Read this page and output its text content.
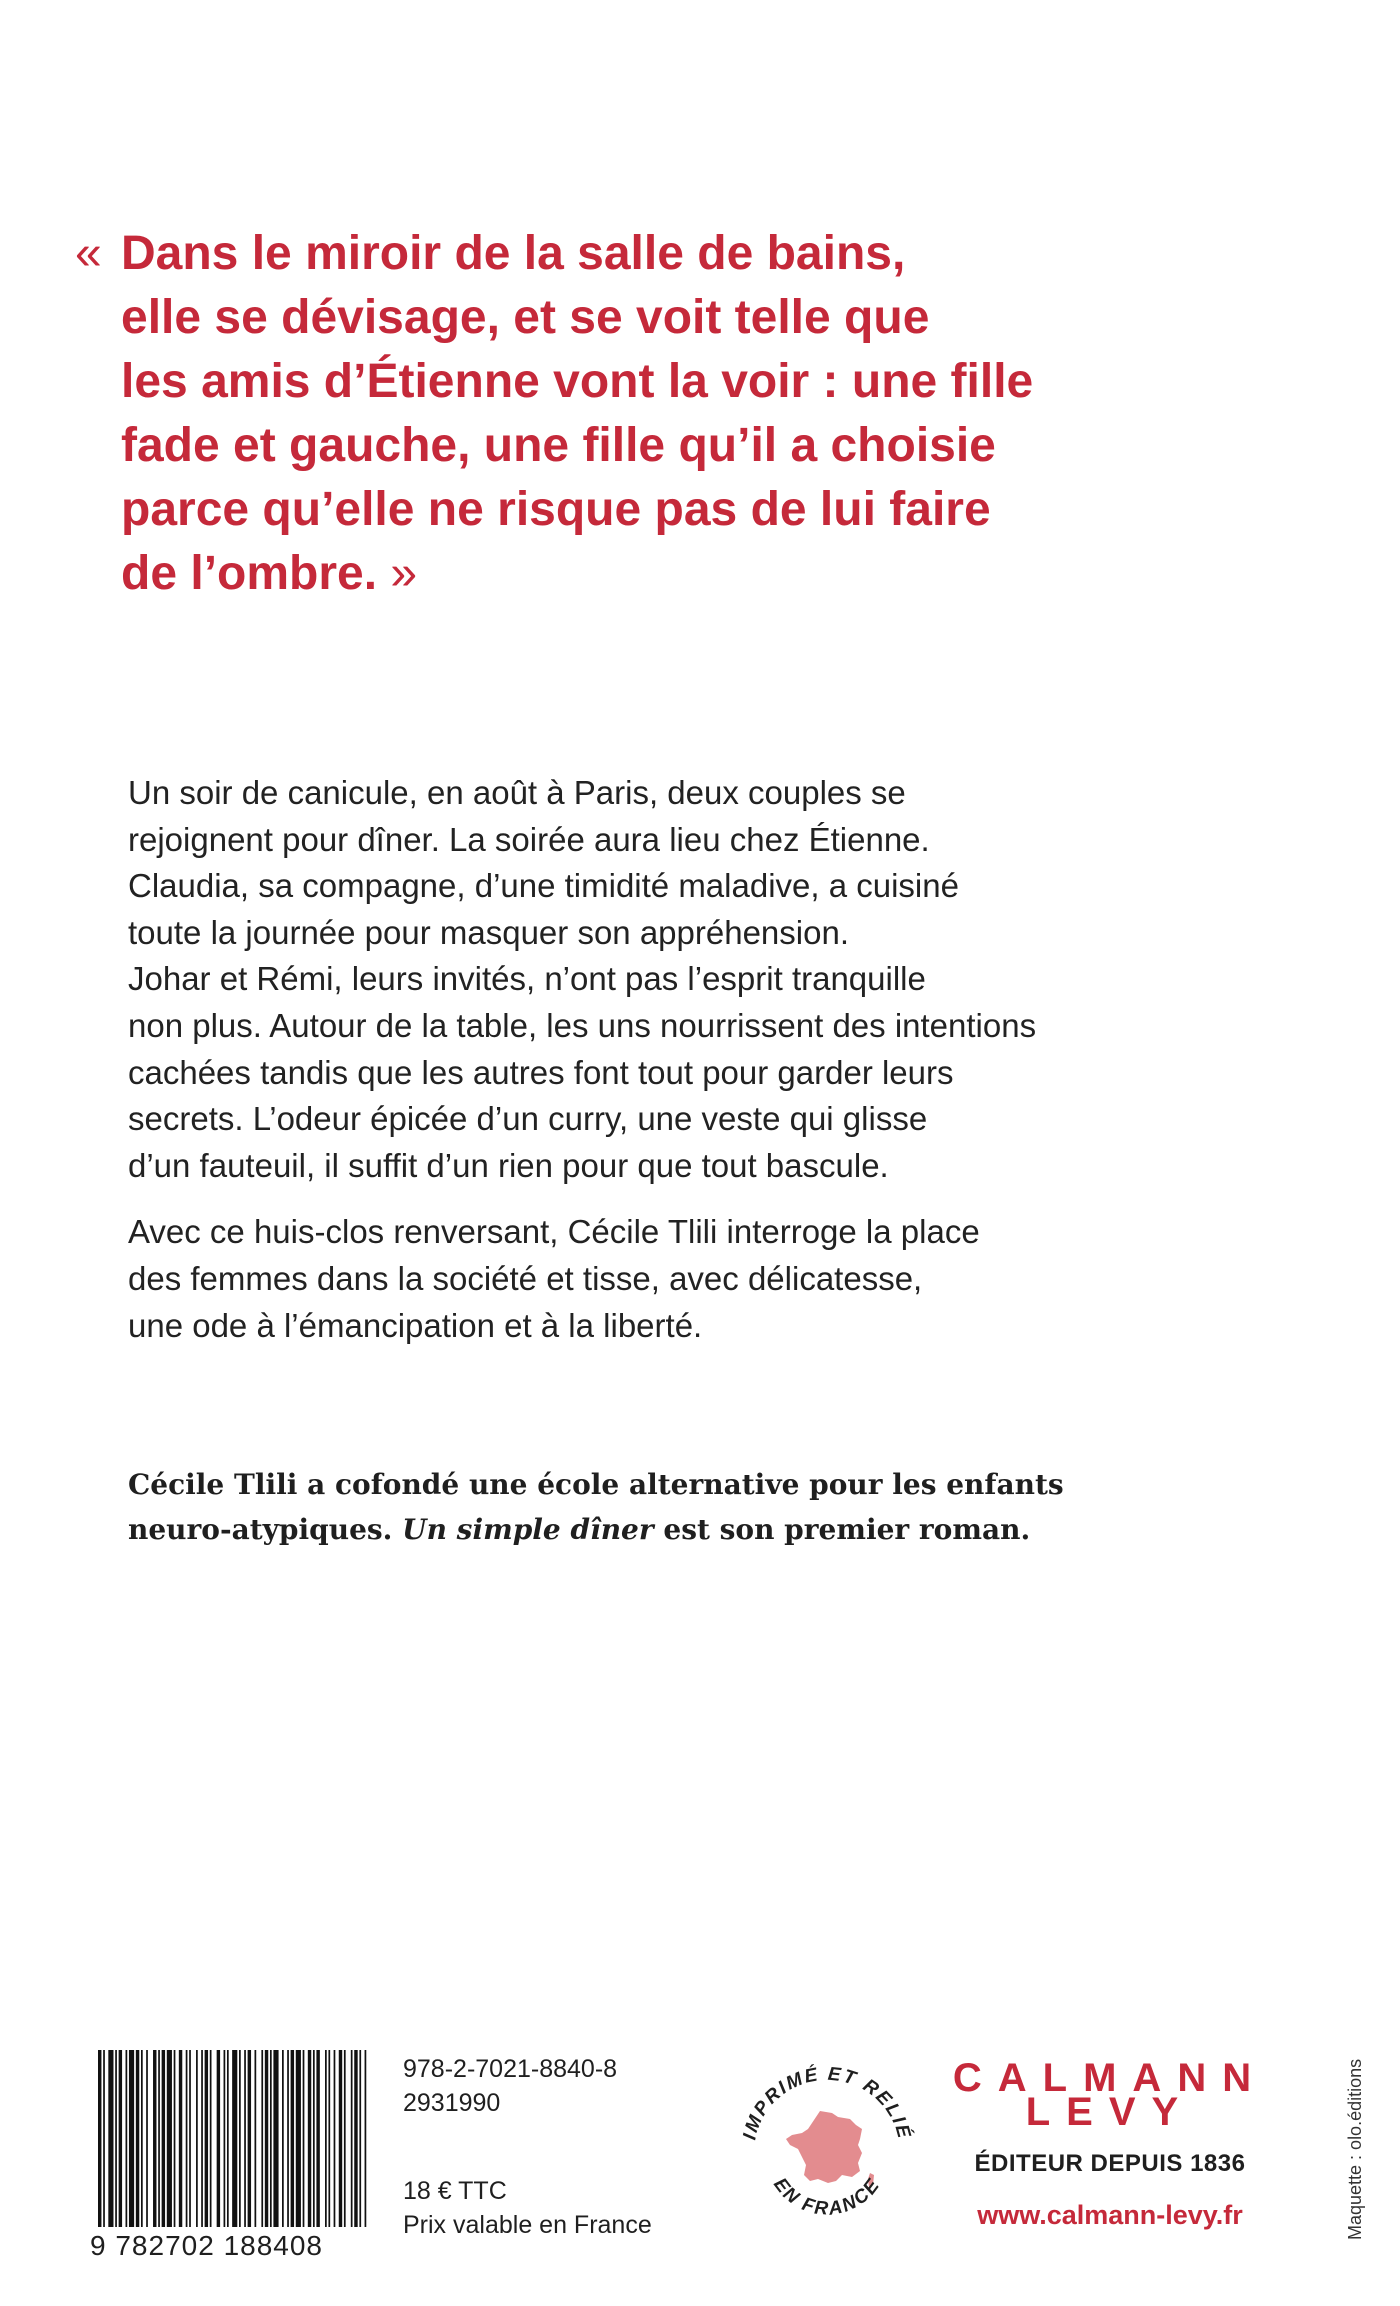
« Dans le miroir de la salle de bains,
elle se dévisage, et se voit telle que
les amis d’Étienne vont la voir : une fille
fade et gauche, une fille qu’il a choisie
parce qu’elle ne risque pas de lui faire
de l’ombre. »
Un soir de canicule, en août à Paris, deux couples se
rejoignent pour dîner. La soirée aura lieu chez Étienne.
Claudia, sa compagne, d’une timidité maladive, a cuisiné
toute la journée pour masquer son appréhension.
Johar et Rémi, leurs invités, n’ont pas l’esprit tranquille
non plus. Autour de la table, les uns nourrissent des intentions
cachées tandis que les autres font tout pour garder leurs
secrets. L’odeur épicée d’un curry, une veste qui glisse
d’un fauteuil, il suffit d’un rien pour que tout bascule.
Avec ce huis-clos renversant, Cécile Tlili interroge la place
des femmes dans la société et tisse, avec délicatesse,
une ode à l’émancipation et à la liberté.
Cécile Tlili a cofondé une école alternative pour les enfants
neuro-atypiques. Un simple dîner est son premier roman.
9 782702 188408
978-2-7021-8840-8
2931990
18 € TTC
Prix valable en France
IMPRIMÉ ET RELIÉ
EN FRANCE
CALMANN
LEVY
ÉDITEUR DEPUIS 1836
www.calmann-levy.fr	Maquette : olo.éditions
